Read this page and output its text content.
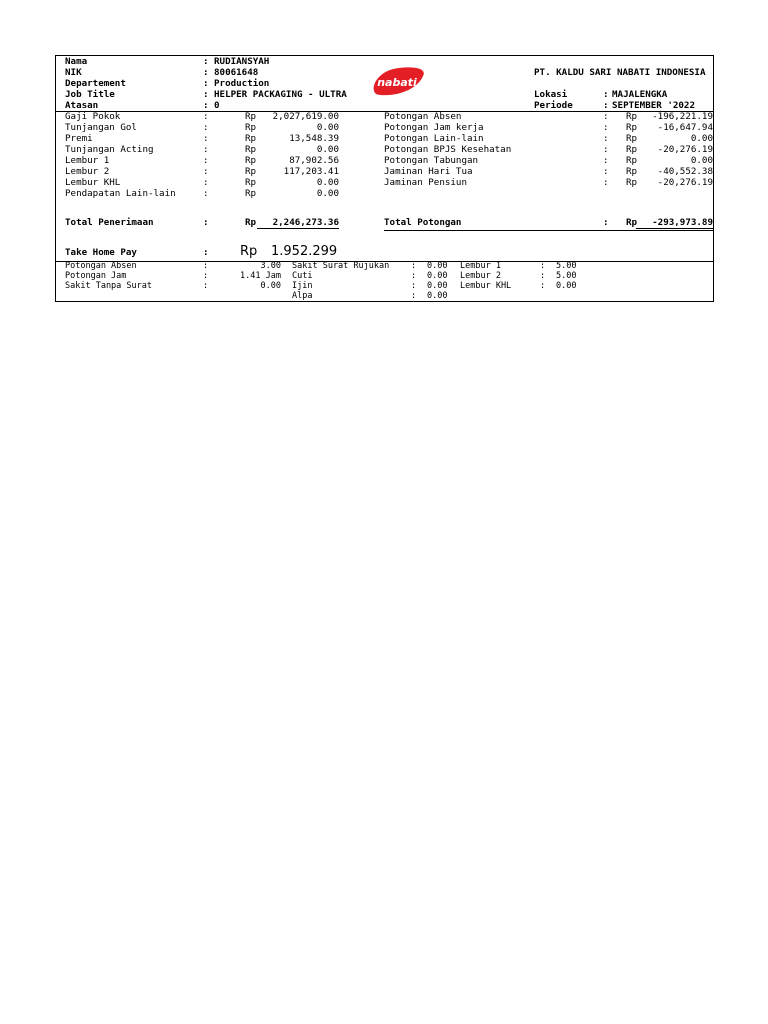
Nama	: RUDIANSYAH
NIK	: 80061648
Departement	: Production
Job Title	: HELPER PACKAGING - ULTRA
Atasan	: 0
nabati
PT. KALDU SARI NABATI INDONESIA
Lokasi	: MAJALENGKA
Periode	: SEPTEMBER '2022
Gaji Pokok	:	Rp	2,027,619.00
Tunjangan Gol	:	Rp	0.00
Premi	:	Rp	13,548.39
Tunjangan Acting	:	Rp	0.00
Lembur 1	:	Rp	87,902.56
Lembur 2	:	Rp	117,203.41
Lembur KHL	:	Rp	0.00
Pendapatan Lain-lain	:	Rp	0.00
Potongan Absen	: Rp	-196,221.19
Potongan Jam kerja	: Rp	-16,647.94
Potongan Lain-lain	: Rp	0.00
Potongan BPJS Kesehatan	: Rp	-20,276.19
Potongan Tabungan	: Rp	0.00
Jaminan Hari Tua	: Rp	-40,552.38
Jaminan Pensiun	: Rp	-20,276.19
Total Penerimaan	:	Rp	2,246,273.36	Total Potongan	: Rp	-293,973.89
Take Home Pay	: Rp 1.952.299
Potongan Absen	:	3.00
Potongan Jam	:	1.41 Jam
Sakit Tanpa Surat	:	0.00
Sakit Surat Rujukan	: 0.00
Cuti	: 0.00
Ijin	: 0.00
Alpa	: 0.00
Lembur 1	: 5.00
Lembur 2	: 5.00
Lembur KHL	: 0.00
